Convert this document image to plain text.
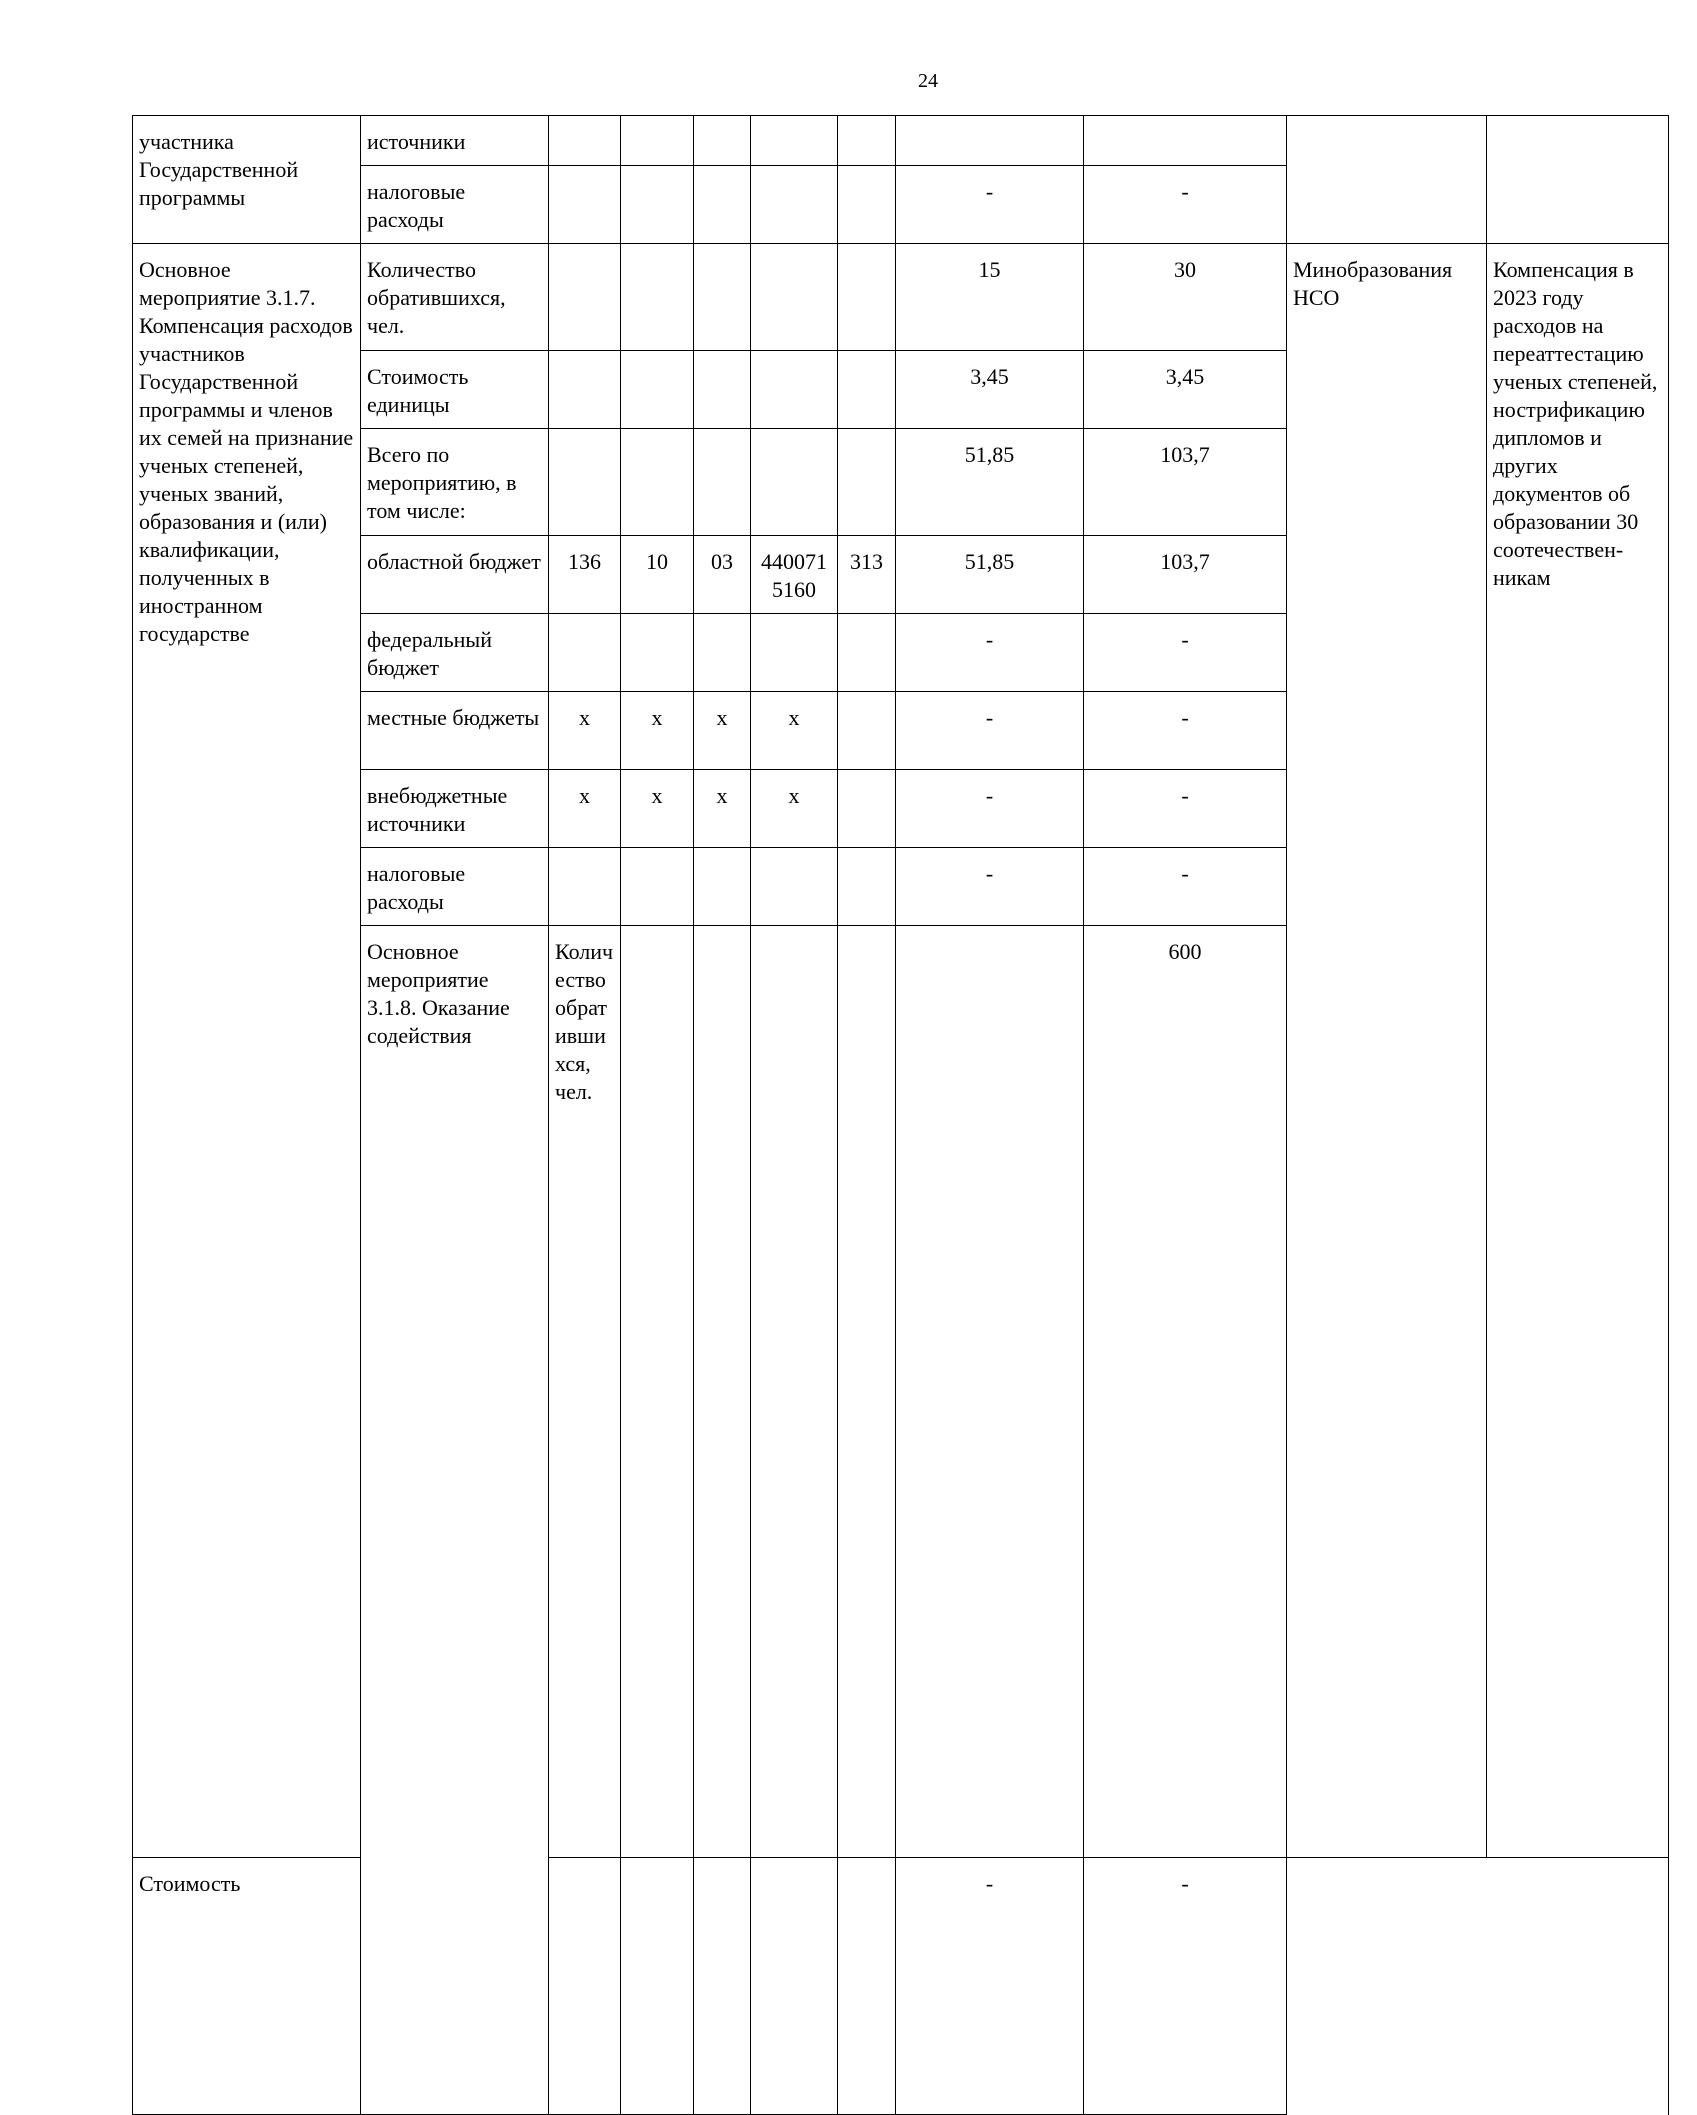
24
участника Государственной программы	источники										
	налоговые расходы						-	-			
Основное мероприятие 3.1.7. Компенсация расходов участников Государственной программы и членов их семей на признание ученых степеней, ученых званий, образования и (или) квалификации, полученных в иностранном государстве	Количество обратившихся, чел.						15	30	Минобразования НСО	Компенсация в 2023 году расходов на переаттестацию ученых степеней, нострификацию дипломов и других документов об образовании 30 соотечествен-никам	
	Стоимость единицы						3,45	3,45			
	Всего по мероприятию, в том числе:						51,85	103,7			
	областной бюджет	136	10	03	4400715160	313	51,85	103,7			
	федеральный бюджет						-	-			
	местные бюджеты	x	x	x	x		-	-			
	внебюджетные источники	x	x	x	x		-	-			
	налоговые расходы						-	-			
	Основное мероприятие 3.1.8. Оказание содействия	Количество обратившихся, чел.						600			
Стоимость							-	-			
